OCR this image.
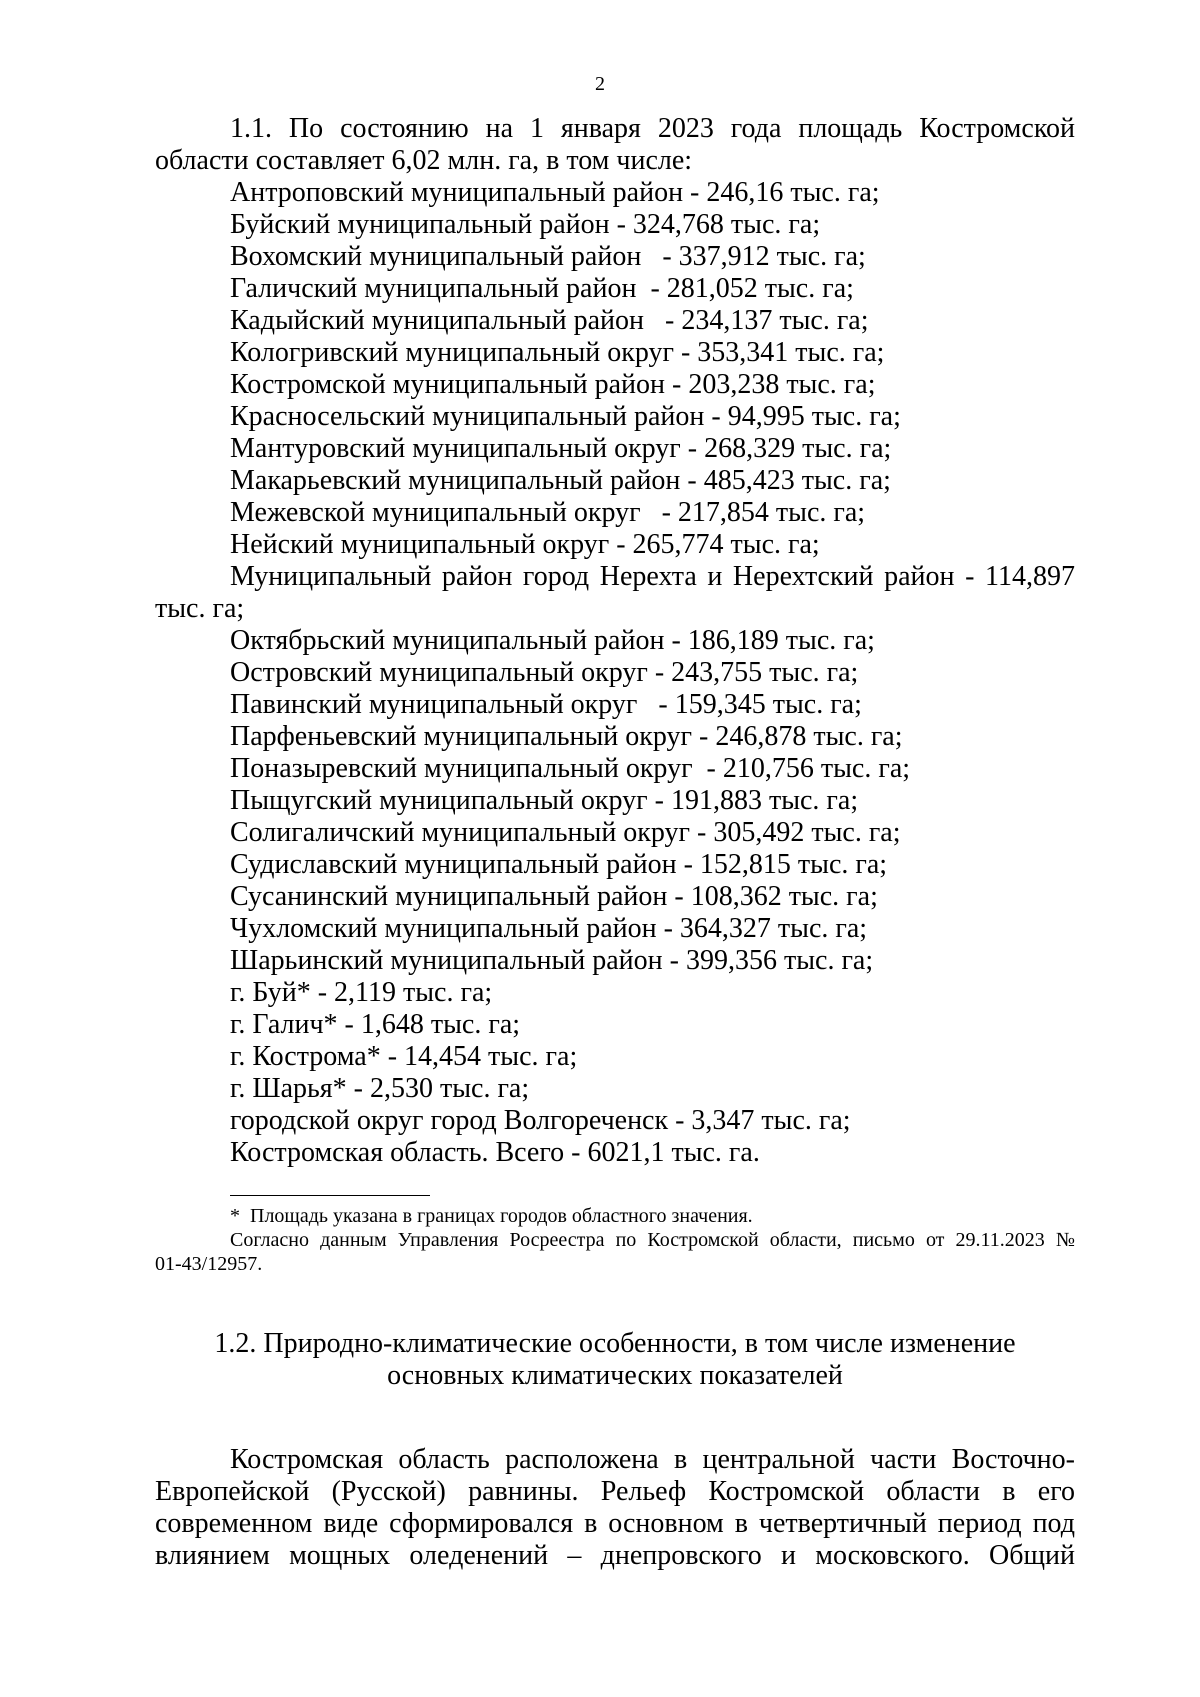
2

1.1. По состоянию на 1 января 2023 года площадь Костромской области составляет 6,02 млн. га, в том числе:

Антроповский муниципальный район - 246,16 тыс. га;
Буйский муниципальный район - 324,768 тыс. га;
Вохомский муниципальный район   - 337,912 тыс. га;
Галичский муниципальный район  - 281,052 тыс. га;
Кадыйский муниципальный район   - 234,137 тыс. га;
Кологривский муниципальный округ - 353,341 тыс. га;
Костромской муниципальный район - 203,238 тыс. га;
Красносельский муниципальный район - 94,995 тыс. га;
Мантуровский муниципальный округ - 268,329 тыс. га;
Макарьевский муниципальный район - 485,423 тыс. га;
Межевской муниципальный округ   - 217,854 тыс. га;
Нейский муниципальный округ - 265,774 тыс. га;
Муниципальный район город Нерехта и Нерехтский район - 114,897 тыс. га;
Октябрьский муниципальный район - 186,189 тыс. га;
Островский муниципальный округ - 243,755 тыс. га;
Павинский муниципальный округ   - 159,345 тыс. га;
Парфеньевский муниципальный округ - 246,878 тыс. га;
Поназыревский муниципальный округ  - 210,756 тыс. га;
Пыщугский муниципальный округ - 191,883 тыс. га;
Солигаличский муниципальный округ - 305,492 тыс. га;
Судиславский муниципальный район - 152,815 тыс. га;
Сусанинский муниципальный район - 108,362 тыс. га;
Чухломский муниципальный район - 364,327 тыс. га;
Шарьинский муниципальный район - 399,356 тыс. га;
г. Буй* - 2,119 тыс. га;
г. Галич* - 1,648 тыс. га;
г. Кострома* - 14,454 тыс. га;
г. Шарья* - 2,530 тыс. га;
городской округ город Волгореченск - 3,347 тыс. га;
Костромская область. Всего - 6021,1 тыс. га.

*  Площадь указана в границах городов областного значения.

Согласно данным Управления Росреестра по Костромской области, письмо от 29.11.2023 № 01-43/12957.

1.2. Природно-климатические особенности, в том числе изменение
основных климатических показателей

Костромская область расположена в центральной части Восточно-Европейской (Русской) равнины. Рельеф Костромской области в его современном виде сформировался в основном в четвертичный период под влиянием мощных оледенений – днепровского и московского. Общий
